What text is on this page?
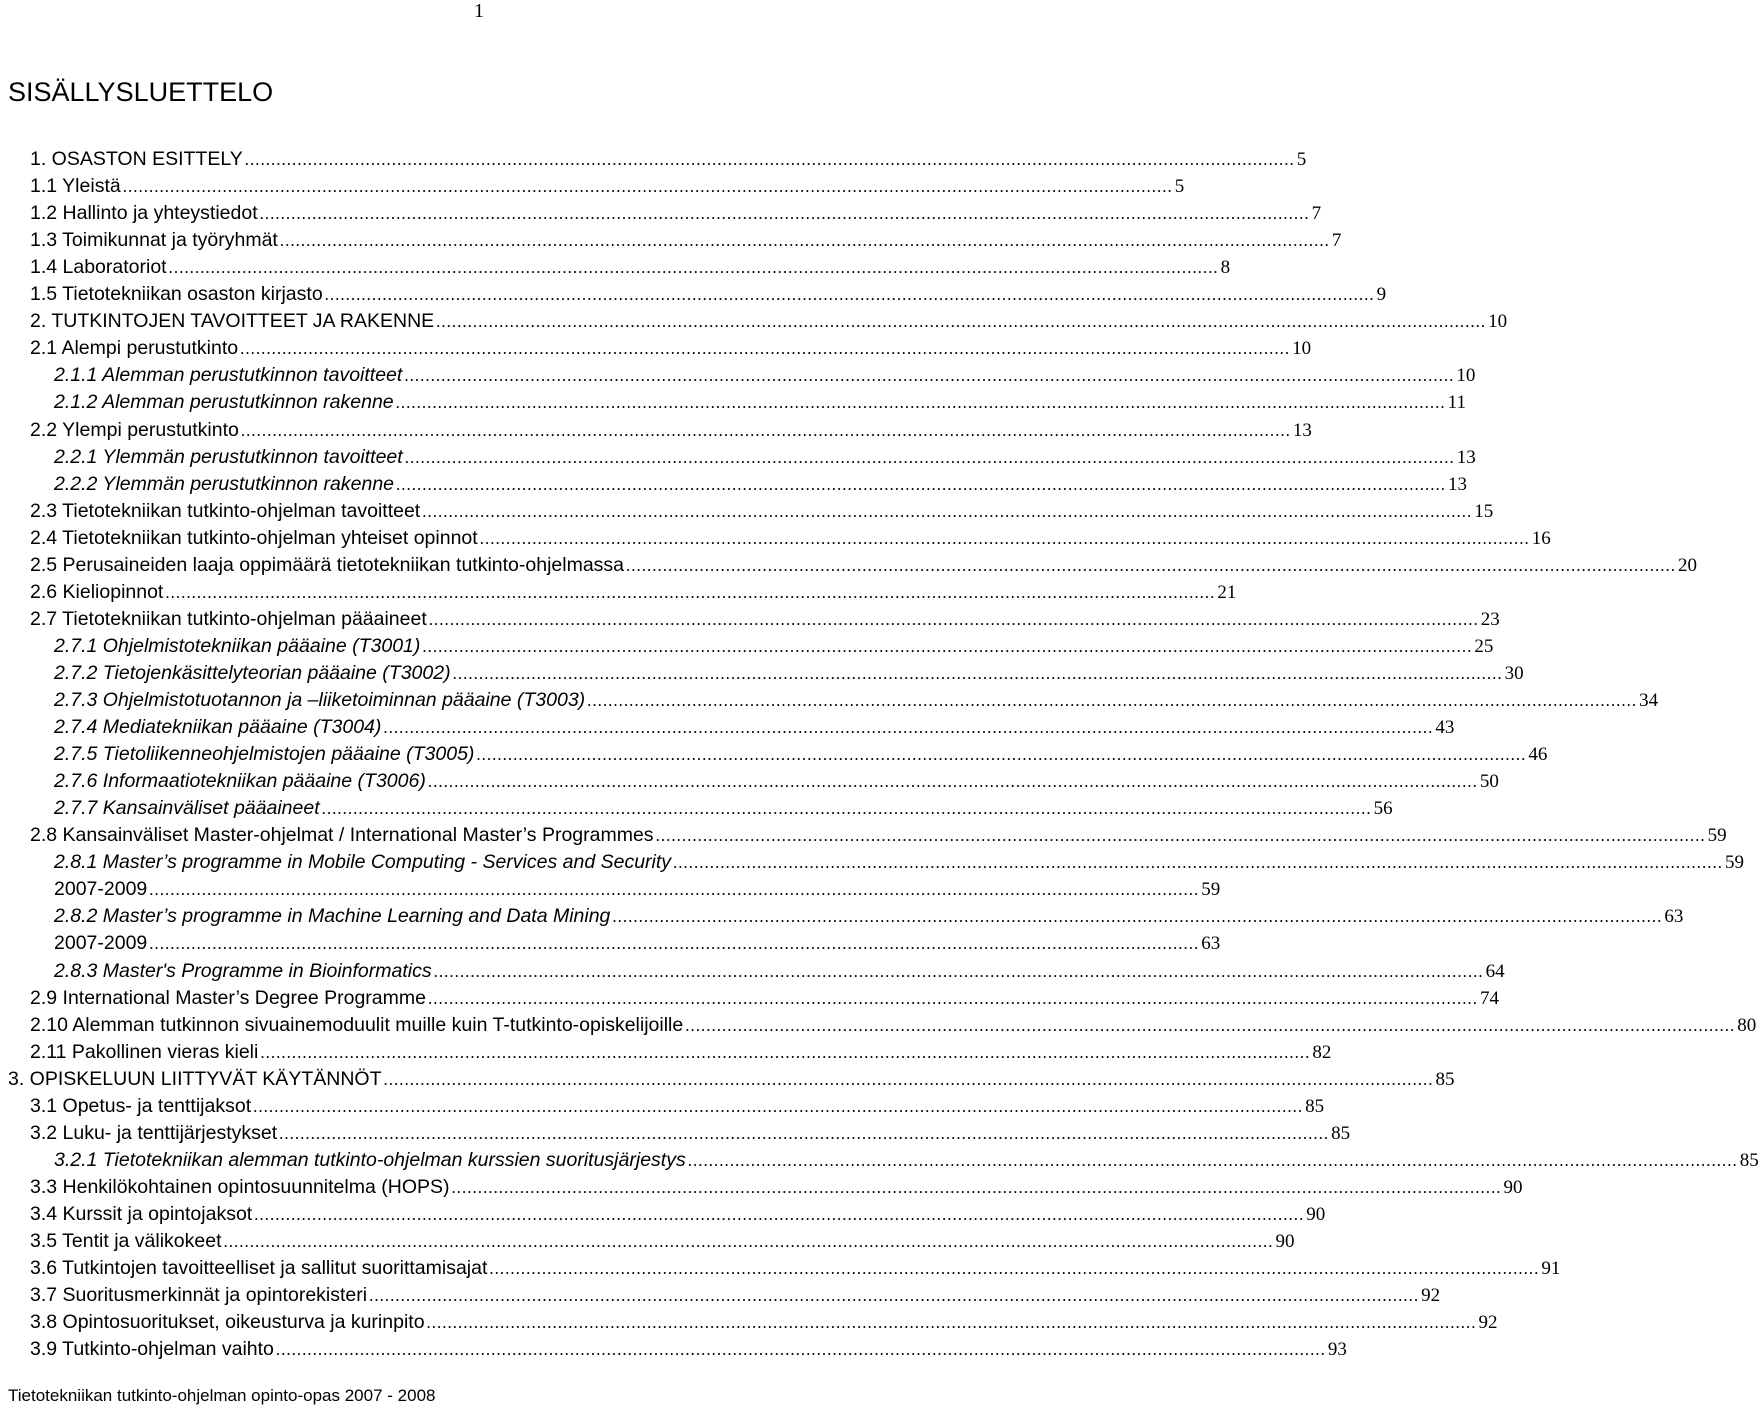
1
SISÄLLYSLUETTELO
1. OSASTON ESITTELY ........................................................................................................................................................................................................ 5
1.1 Yleistä ........................................................................................................................................................................................................ 5
1.2 Hallinto ja yhteystiedot ........................................................................................................................................................................................................ 7
1.3 Toimikunnat ja työryhmät ........................................................................................................................................................................................................ 7
1.4 Laboratoriot ........................................................................................................................................................................................................ 8
1.5 Tietotekniikan osaston kirjasto ........................................................................................................................................................................................................ 9
2. TUTKINTOJEN TAVOITTEET JA RAKENNE ........................................................................................................................................................................................................ 10
2.1 Alempi perustutkinto ........................................................................................................................................................................................................ 10
2.1.1 Alemman perustutkinnon tavoitteet ........................................................................................................................................................................................................ 10
2.1.2 Alemman perustutkinnon rakenne ........................................................................................................................................................................................................ 11
2.2 Ylempi perustutkinto ........................................................................................................................................................................................................ 13
2.2.1 Ylemmän perustutkinnon tavoitteet ........................................................................................................................................................................................................ 13
2.2.2 Ylemmän perustutkinnon rakenne ........................................................................................................................................................................................................ 13
2.3 Tietotekniikan tutkinto-ohjelman tavoitteet ........................................................................................................................................................................................................ 15
2.4 Tietotekniikan tutkinto-ohjelman yhteiset opinnot ........................................................................................................................................................................................................ 16
2.5 Perusaineiden laaja oppimäärä tietotekniikan tutkinto-ohjelmassa ........................................................................................................................................................................................................ 20
2.6 Kieliopinnot ........................................................................................................................................................................................................ 21
2.7 Tietotekniikan tutkinto-ohjelman pääaineet ........................................................................................................................................................................................................ 23
2.7.1 Ohjelmistotekniikan pääaine (T3001) ........................................................................................................................................................................................................ 25
2.7.2 Tietojenkäsittelyteorian pääaine (T3002) ........................................................................................................................................................................................................ 30
2.7.3 Ohjelmistotuotannon ja –liiketoiminnan pääaine (T3003) ........................................................................................................................................................................................................ 34
2.7.4 Mediatekniikan pääaine (T3004) ........................................................................................................................................................................................................ 43
2.7.5 Tietoliikenneohjelmistojen pääaine (T3005) ........................................................................................................................................................................................................ 46
2.7.6 Informaatiotekniikan pääaine (T3006) ........................................................................................................................................................................................................ 50
2.7.7 Kansainväliset pääaineet ........................................................................................................................................................................................................ 56
2.8 Kansainväliset Master-ohjelmat / International Master’s Programmes ........................................................................................................................................................................................................ 59
2.8.1 Master’s programme in Mobile Computing - Services and Security ........................................................................................................................................................................................................ 59
2007-2009 ........................................................................................................................................................................................................ 59
2.8.2 Master’s programme in Machine Learning and Data Mining ........................................................................................................................................................................................................ 63
2007-2009 ........................................................................................................................................................................................................ 63
2.8.3 Master's Programme in Bioinformatics ........................................................................................................................................................................................................ 64
2.9 International Master’s Degree Programme ........................................................................................................................................................................................................ 74
2.10 Alemman tutkinnon sivuainemoduulit muille kuin T-tutkinto-opiskelijoille ........................................................................................................................................................................................................ 80
2.11 Pakollinen vieras kieli ........................................................................................................................................................................................................ 82
3. OPISKELUUN LIITTYVÄT KÄYTÄNNÖT ........................................................................................................................................................................................................ 85
3.1 Opetus- ja tenttijaksot ........................................................................................................................................................................................................ 85
3.2 Luku- ja tenttijärjestykset ........................................................................................................................................................................................................ 85
3.2.1 Tietotekniikan alemman tutkinto-ohjelman kurssien suoritusjärjestys ........................................................................................................................................................................................................ 85
3.3 Henkilökohtainen opintosuunnitelma (HOPS) ........................................................................................................................................................................................................ 90
3.4 Kurssit ja opintojaksot ........................................................................................................................................................................................................ 90
3.5 Tentit ja välikokeet ........................................................................................................................................................................................................ 90
3.6 Tutkintojen tavoitteelliset ja sallitut suorittamisajat ........................................................................................................................................................................................................ 91
3.7 Suoritusmerkinnät ja opintorekisteri ........................................................................................................................................................................................................ 92
3.8 Opintosuoritukset, oikeusturva ja kurinpito ........................................................................................................................................................................................................ 92
3.9 Tutkinto-ohjelman vaihto ........................................................................................................................................................................................................ 93
Tietotekniikan tutkinto-ohjelman opinto-opas 2007 - 2008
